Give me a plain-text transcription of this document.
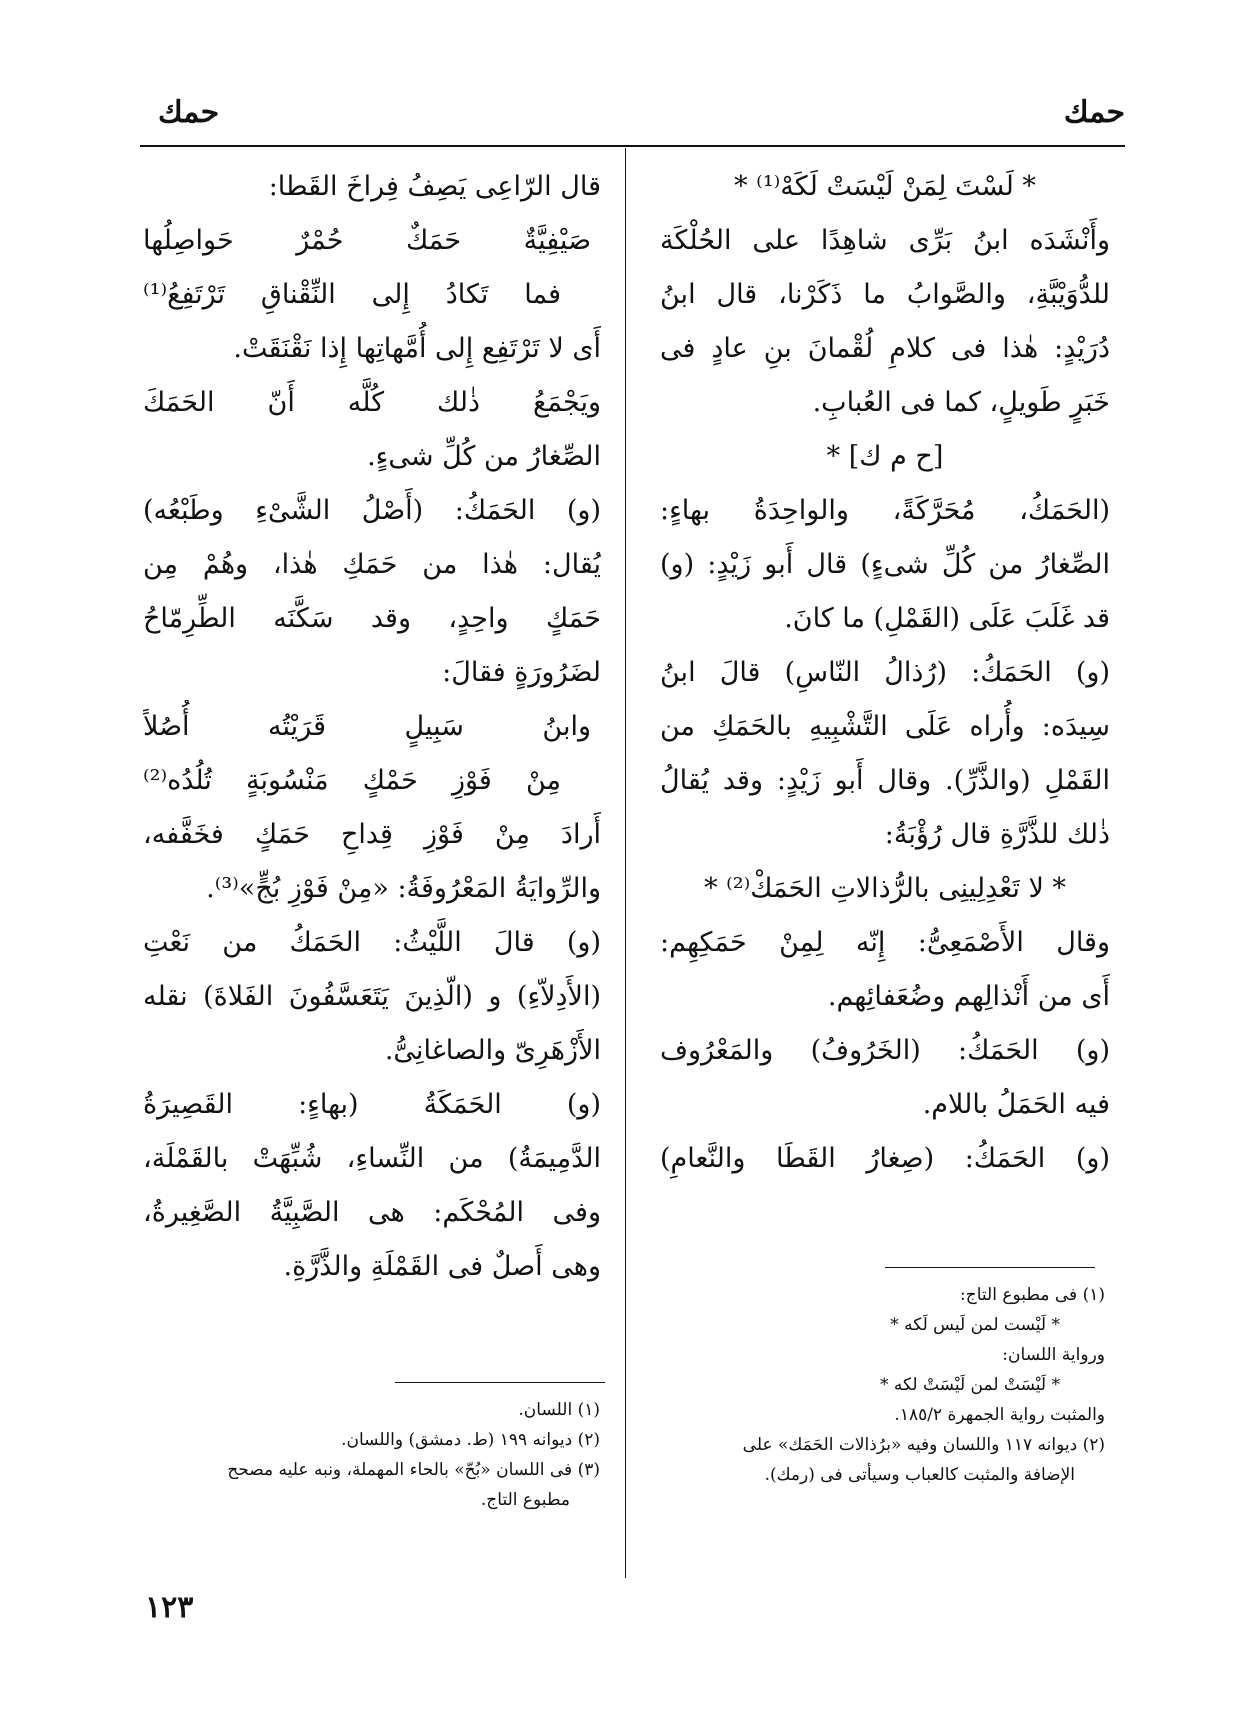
حمك
حمك
* لَسْتَ لِمَنْ لَيْسَتْ لَكَهْ⁽¹⁾ *
وأَنْشَدَه ابنُ بَرِّى شاهِدًا على الحُلْكَة
للدُّوَيْبَّةِ، والصَّوابُ ما ذَكَرْنا، قال ابنُ
دُرَيْدٍ: هٰذا فى كلامِ لُقْمانَ بنِ عادٍ فى
خَبَرٍ طَويلٍ، كما فى العُبابِ.
[ح م ك] *
(الحَمَكُ، مُحَرَّكَةً، والواحِدَةُ بهاءٍ:
الصِّغارُ من كُلِّ شىءٍ) قال أَبو زَيْدٍ: (و)
قد غَلَبَ عَلَى (القَمْلِ) ما كانَ.
(و) الحَمَكُ: (رُذالُ النّاسِ) قالَ ابنُ
سِيدَه: وأُراه عَلَى التَّشْبِيهِ بالحَمَكِ من
القَمْلِ (والذَّرِّ). وقال أَبو زَيْدٍ: وقد يُقالُ
ذٰلك للذَّرَّةِ قال رُؤْبَةُ:
* لا تَعْدِلِينِى بالرُّذالاتِ الحَمَكْ⁽²⁾ *
وقال الأَصْمَعِىُّ: إِنّه لِمِنْ حَمَكِهِم:
أَى من أَنْذالِهم وضُعَفائِهم.
(و) الحَمَكُ: (الخَرُوفُ) والمَعْرُوف
فيه الحَمَلُ باللام.
(و) الحَمَكُ: (صِغارُ القَطَا والنَّعامِ)
قال الرّاعِى يَصِفُ فِراخَ القَطا:
صَيْفِيَّةٌ حَمَكٌ حُمْرٌ حَواصِلُها
فما تَكادُ إِلى النِّقْناقِ تَرْتَفِعُ⁽¹⁾
أَى لا تَرْتَفِع إِلى أُمَّهاتِها إِذا نَقْنَقَتْ.
ويَجْمَعُ ذٰلك كُلَّه أَنّ الحَمَكَ
الصِّغارُ من كُلِّ شىءٍ.
(و) الحَمَكُ: (أَصْلُ الشَّىْءِ وطَبْعُه)
يُقال: هٰذا من حَمَكِ هٰذا، وهُمْ مِن
حَمَكٍ واحِدٍ، وقد سَكَّنَه الطِّرِمّاحُ
لضَرُورَةٍ فقالَ:
وابنُ سَبِيلٍ قَرَيْتُه أُصُلاً
مِنْ فَوْزِ حَمْكٍ مَنْسُوبَةٍ تُلُدُه⁽²⁾
أَرادَ مِنْ فَوْزِ قِداحِ حَمَكٍ فخَفَّفه،
والرِّوايَةُ المَعْرُوفَةُ: «مِنْ فَوْزِ بُجٍّ»⁽³⁾.
(و) قالَ اللَّيْثُ: الحَمَكُ من نَعْتِ
(الأَدِلاّءِ) و (الّذِينَ يَتَعَسَّفُونَ الفَلاةَ) نقله
الأَزْهَرِىّ والصاغانِىُّ.
(و) الحَمَكَةُ (بهاءٍ: القَصِيرَةُ
الدَّمِيمَةُ) من النِّساءِ، شُبِّهَتْ بالقَمْلَة،
وفى المُحْكَم: هى الصَّبِيَّةُ الصَّغِيرةُ،
وهى أَصلٌ فى القَمْلَةِ والذَّرَّةِ.
(١) فى مطبوع التاج:
* لَيْست لمن لَيس لَكه *
ورواية اللسان:
* لَيْسَتْ لمن لَيْسَتْ لكه *
والمثبت رواية الجمهرة ١٨٥/٢.
(٢) ديوانه ١١٧ واللسان وفيه «برُذالات الحَمَك» على
الإضافة والمثبت كالعباب وسيأتى فى (رمك).
(١) اللسان.
(٢) ديوانه ١٩٩ (ط. دمشق) واللسان.
(٣) فى اللسان «بُحّ» بالحاء المهملة، ونبه عليه مصحح
مطبوع التاج.
١٢٣
